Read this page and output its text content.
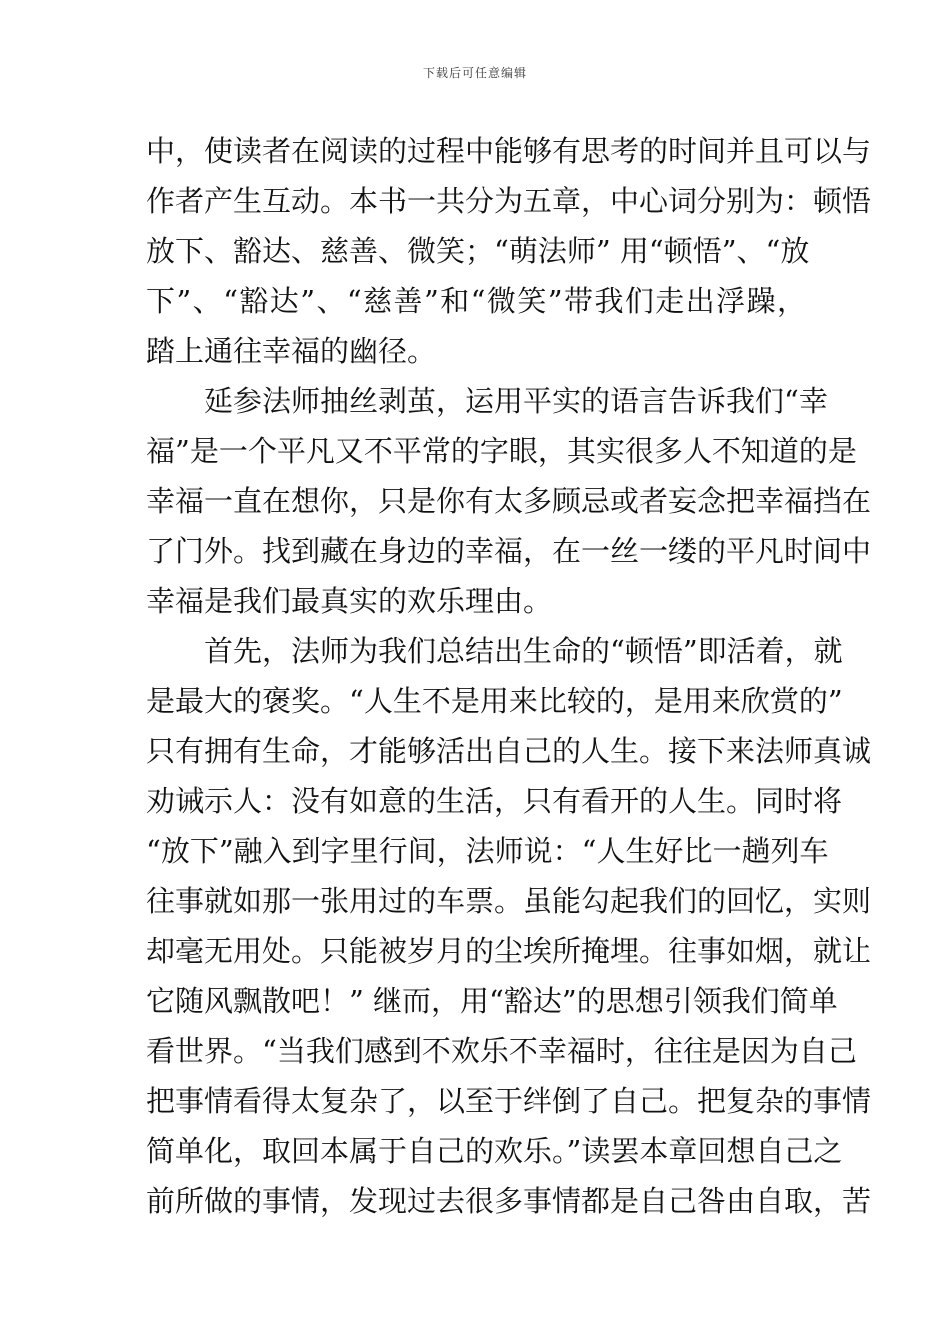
下载后可任意编辑
中，使读者在阅读的过程中能够有思考的时间并且可以与
作者产生互动。本书一共分为五章，中心词分别为：顿悟
放下、豁达、慈善、微笑；“萌法师” 用“顿悟”、“放
下”、“豁达”、“慈善”和“微笑”带我们走出浮躁，
踏上通往幸福的幽径。
延参法师抽丝剥茧，运用平实的语言告诉我们“幸
福”是一个平凡又不平常的字眼，其实很多人不知道的是
幸福一直在想你，只是你有太多顾忌或者妄念把幸福挡在
了门外。找到藏在身边的幸福，在一丝一缕的平凡时间中
幸福是我们最真实的欢乐理由。
首先，法师为我们总结出生命的“顿悟”即活着，就
是最大的褒奖。“人生不是用来比较的，是用来欣赏的”
只有拥有生命，才能够活出自己的人生。接下来法师真诚
劝诫示人：没有如意的生活，只有看开的人生。同时将
“放下”融入到字里行间，法师说：“人生好比一趟列车
往事就如那一张用过的车票。虽能勾起我们的回忆，实则
却毫无用处。只能被岁月的尘埃所掩埋。往事如烟，就让
它随风飘散吧！” 继而，用“豁达”的思想引领我们简单
看世界。“当我们感到不欢乐不幸福时，往往是因为自己
把事情看得太复杂了，以至于绊倒了自己。把复杂的事情
简单化，取回本属于自己的欢乐。”读罢本章回想自己之
前所做的事情，发现过去很多事情都是自己咎由自取，苦
